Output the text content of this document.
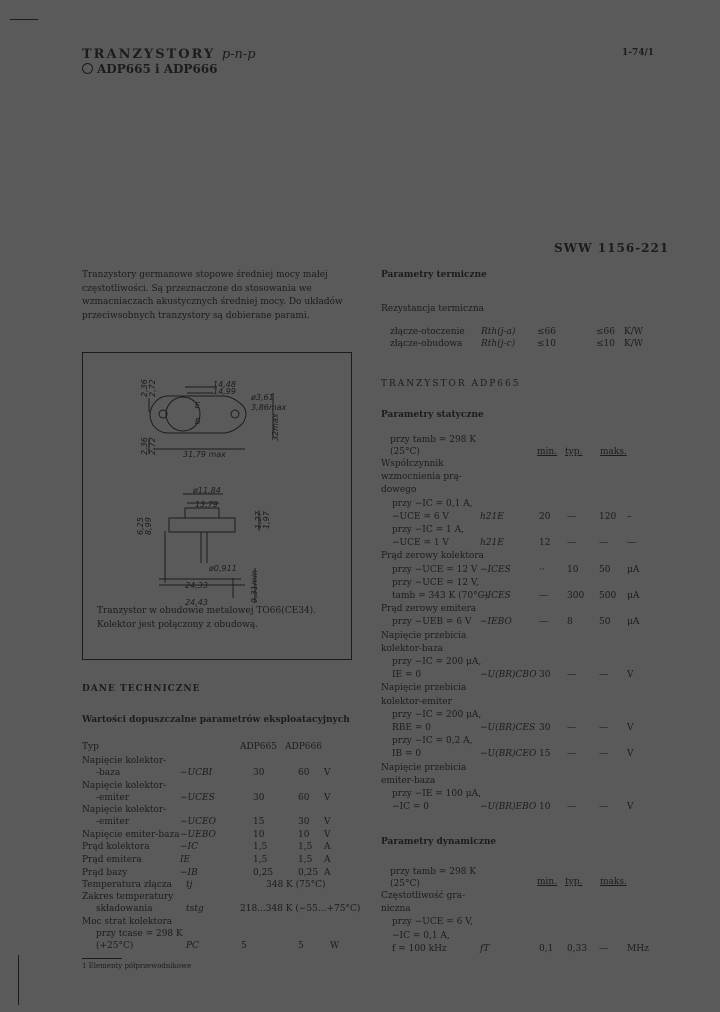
TRANZYSTORY p-n-p
ADP665 i ADP666
1-74/1
SWW 1156-221
Tranzystory germanowe stopowe średniej mocy małej częstotliwości. Są przeznaczone do stosowania we wzmacniaczach akustycznych średniej mocy. Do układów przeciwsobnych tranzystory są dobierane parami.
14,48
14,99
2,36 2,72
2,36 2,72
ø3,61
3,86max
32max
31,79 max
E
B
ø11,84
13,79
6,25	1,27 1,97
8,99
ø0,911
24,33
24,43	9,31min
Tranzystor w obudowie metalowej TO66(CE34). Kolektor jest połączony z obudową.
DANE TECHNICZNE
Wartości dopuszczalne parametrów eksploatacyjnych
Typ	ADP665 ADP666
Napięcie kolektor-
-baza	−UCBI	30	60 V
Napięcie kolektor-
-emiter	−UCES	30	60 V
Napięcie kolektor-
-emiter	−UCEO	15	30 V
Napięcie emiter-baza −UEBO	10	10 V
Prąd kolektora	−IC	1,5	1,5 A
Prąd emitera	IE	1,5	1,5 A
Prąd bazy	−IB	0,25	0,25 A
Temperatura złącza tj	348 K (75°C)
Zakres temperatury
składowania	tstg	218...348 K (−55...+75°C)
Moc strat kolektora
przy tcase = 298 K
(+25°C)	PC	5	5	W
1 Elementy półprzewodnikowe
Parametry termiczne
Rezystancja termiczna
złącze-otoczenie Rth(j-a) ≤66	≤66 K/W
złącze-obudowa Rth(j-c) ≤10	≤10 K/W
TRANZYSTOR ADP665
Parametry statyczne
przy tamb = 298 K
(25°C)	min. typ. maks.
Współczynnik
wzmocnienia prą-
dowego
przy −IC = 0,1 A,
−UCE = 6 V	h21E	20 —	120 –
przy −IC = 1 A,
−UCE = 1 V	h21E	12 —	— —
Prąd zerowy kolektora
przy −UCE = 12 V −ICES	·· 10 50 μA
przy −UCE = 12 V,
tamb = 343 K (70°C)
−ICES	— 300 500 μA
Prąd zerowy emitera
przy −UEB = 6 V −IEBO	— 8	50 μA
Napięcie przebicia
kolektor-baza
przy −IC = 200 μA,
IE = 0	−U(BR)CBO 30 —	— V
Napięcie przebicia
kolektor-emiter
przy −IC = 200 μA,
RBE = 0	−U(BR)CES 30 —	— V
przy −IC = 0,2 A,
IB = 0	−U(BR)CEO 15 —	— V
Napięcie przebicia
emiter-baza
przy −IE = 100 μA,
−IC = 0	−U(BR)EBO 10 —	— V
Parametry dynamiczne
przy tamb = 298 K
(25°C)	min. typ. maks.
Częstotliwość gra-
niczna
przy −UCE = 6 V,
−IC = 0,1 A,
f = 100 kHz	fT	0,1 0,33 — MHz
